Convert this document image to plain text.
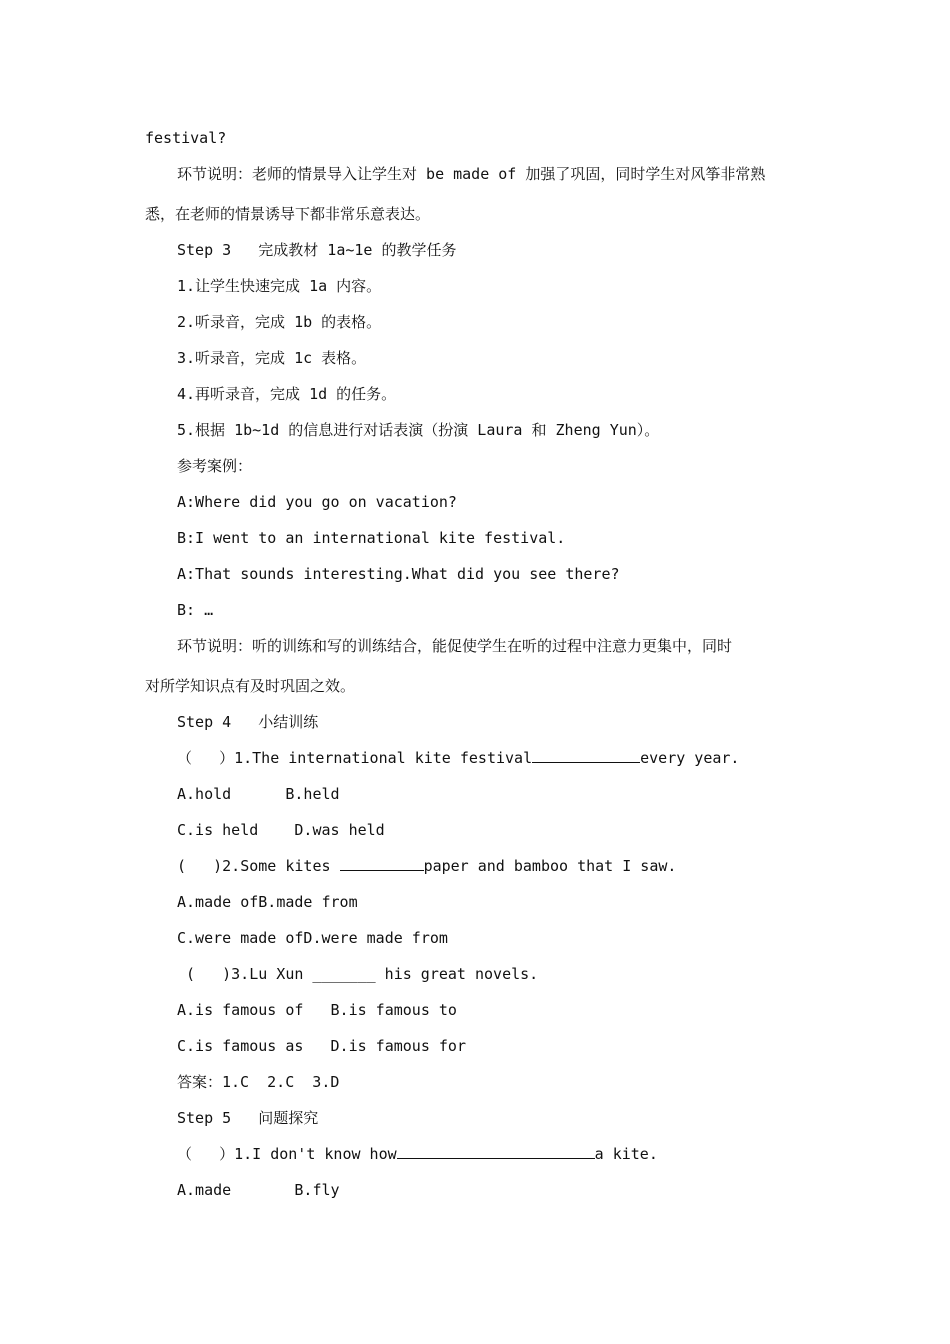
festival?
环节说明：老师的情景导入让学生对 be made of 加强了巩固，同时学生对风筝非常熟
悉，在老师的情景诱导下都非常乐意表达。
Step 3   完成教材 1a~1e 的教学任务
1.让学生快速完成 1a 内容。
2.听录音，完成 1b 的表格。
3.听录音，完成 1c 表格。
4.再听录音，完成 1d 的任务。
5.根据 1b~1d 的信息进行对话表演（扮演 Laura 和 Zheng Yun）。
参考案例：
A:Where did you go on vacation?
B:I went to an international kite festival.
A:That sounds interesting.What did you see there?
B: …
环节说明：听的训练和写的训练结合，能促使学生在听的过程中注意力更集中，同时
对所学知识点有及时巩固之效。
Step 4   小结训练
（   ）1.The international kite festival	every year.
A.hold      B.held
C.is held    D.was held
(   )2.Some kites	paper and bamboo that I saw.
A.made ofB.made from
C.were made ofD.were made from
(   )3.Lu Xun _______ his great novels.
A.is famous of   B.is famous to
C.is famous as   D.is famous for
答案：1.C  2.C  3.D
Step 5   问题探究
（   ）1.I don't know how	a kite.
A.made       B.fly
